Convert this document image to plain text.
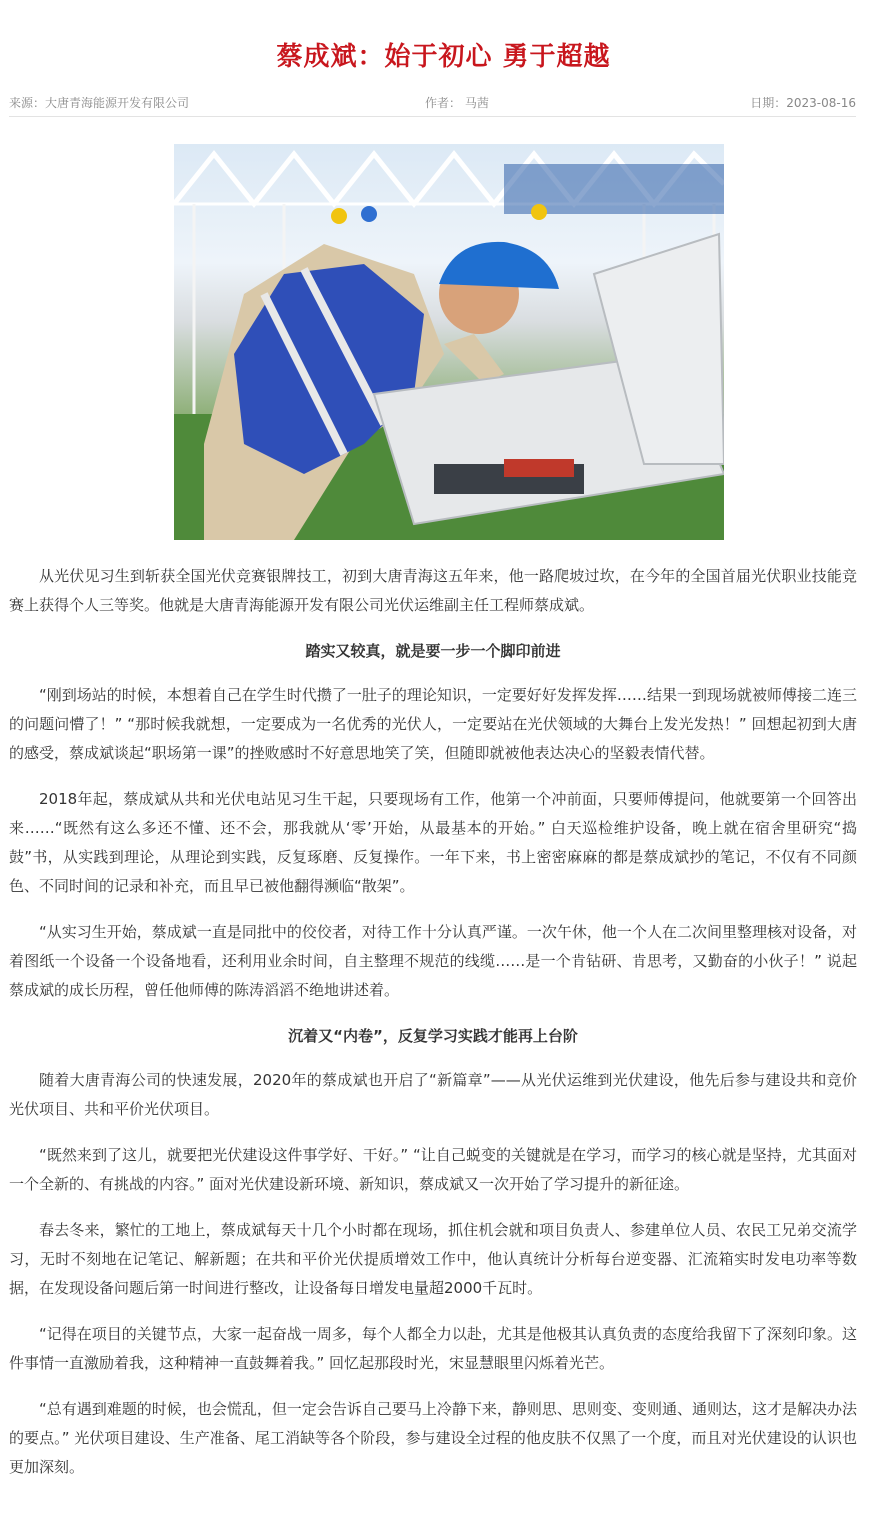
蔡成斌：始于初心 勇于超越
来源：大唐青海能源开发有限公司	作者： 马茜	日期：2023-08-16

从光伏见习生到斩获全国光伏竞赛银牌技工，初到大唐青海这五年来，他一路爬坡过坎，在今年的全国首届光伏职业技能竞赛上获得个人三等奖。他就是大唐青海能源开发有限公司光伏运维副主任工程师蔡成斌。

踏实又较真，就是要一步一个脚印前进

“刚到场站的时候，本想着自己在学生时代攒了一肚子的理论知识，一定要好好发挥发挥……结果一到现场就被师傅接二连三的问题问懵了！” “那时候我就想，一定要成为一名优秀的光伏人，一定要站在光伏领域的大舞台上发光发热！” 回想起初到大唐的感受，蔡成斌谈起“职场第一课”的挫败感时不好意思地笑了笑，但随即就被他表达决心的坚毅表情代替。

2018年起，蔡成斌从共和光伏电站见习生干起，只要现场有工作，他第一个冲前面，只要师傅提问，他就要第一个回答出来……“既然有这么多还不懂、还不会，那我就从‘零’开始，从最基本的开始。” 白天巡检维护设备，晚上就在宿舍里研究“捣鼓”书，从实践到理论，从理论到实践，反复琢磨、反复操作。一年下来，书上密密麻麻的都是蔡成斌抄的笔记，不仅有不同颜色、不同时间的记录和补充，而且早已被他翻得濒临“散架”。

“从实习生开始，蔡成斌一直是同批中的佼佼者，对待工作十分认真严谨。一次午休，他一个人在二次间里整理核对设备，对着图纸一个设备一个设备地看，还利用业余时间，自主整理不规范的线缆……是一个肯钻研、肯思考，又勤奋的小伙子！” 说起蔡成斌的成长历程，曾任他师傅的陈涛滔滔不绝地讲述着。

沉着又“内卷”，反复学习实践才能再上台阶

随着大唐青海公司的快速发展，2020年的蔡成斌也开启了“新篇章”——从光伏运维到光伏建设，他先后参与建设共和竞价光伏项目、共和平价光伏项目。

“既然来到了这儿，就要把光伏建设这件事学好、干好。” “让自己蜕变的关键就是在学习，而学习的核心就是坚持，尤其面对一个全新的、有挑战的内容。” 面对光伏建设新环境、新知识，蔡成斌又一次开始了学习提升的新征途。

春去冬来，繁忙的工地上，蔡成斌每天十几个小时都在现场，抓住机会就和项目负责人、参建单位人员、农民工兄弟交流学习，无时不刻地在记笔记、解新题；在共和平价光伏提质增效工作中，他认真统计分析每台逆变器、汇流箱实时发电功率等数据，在发现设备问题后第一时间进行整改，让设备每日增发电量超2000千瓦时。

“记得在项目的关键节点，大家一起奋战一周多，每个人都全力以赴，尤其是他极其认真负责的态度给我留下了深刻印象。这件事情一直激励着我，这种精神一直鼓舞着我。” 回忆起那段时光，宋显慧眼里闪烁着光芒。

“总有遇到难题的时候，也会慌乱，但一定会告诉自己要马上冷静下来，静则思、思则变、变则通、通则达，这才是解决办法的要点。” 光伏项目建设、生产准备、尾工消缺等各个阶段，参与建设全过程的他皮肤不仅黑了一个度，而且对光伏建设的认识也更加深刻。
